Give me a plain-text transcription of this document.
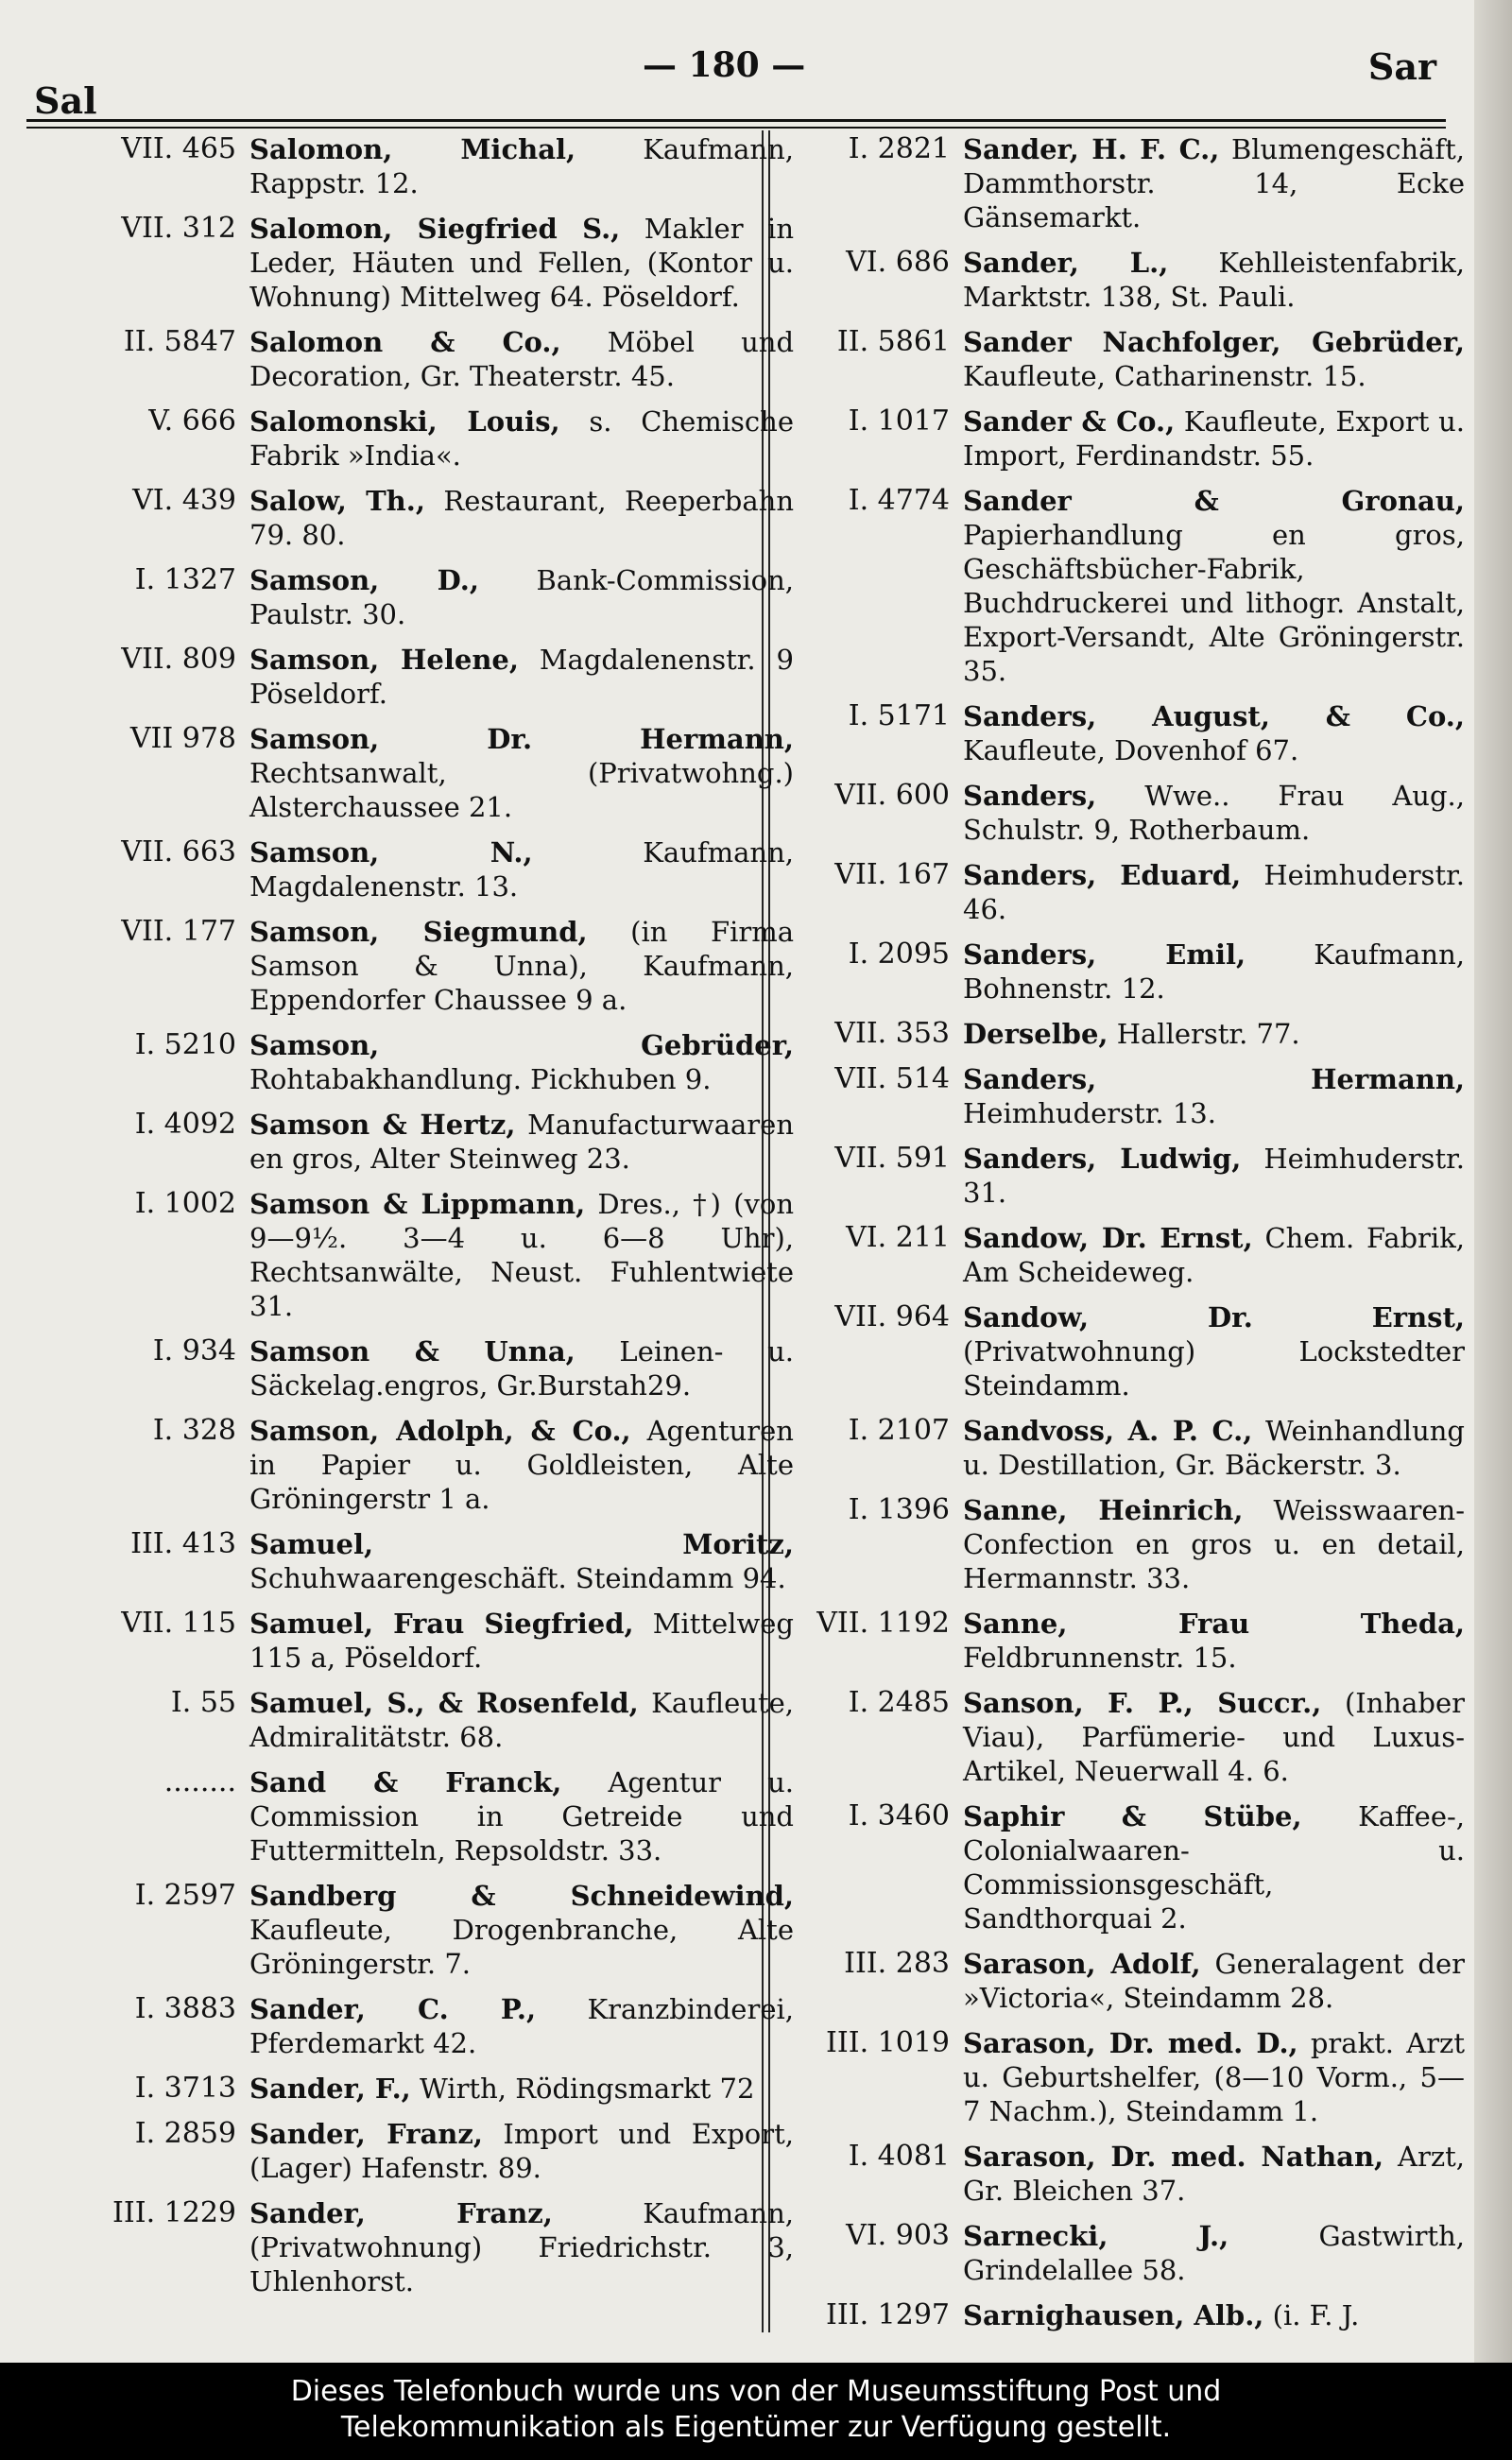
— 180 —
Sal
Sar
VII. 465 Salomon, Michal, Kaufmann, Rappstr. 12.
VII. 312 Salomon, Siegfried S., Makler in Leder, Häuten und Fellen, (Kontor u. Wohnung) Mittelweg 64. Pöseldorf.
II. 5847 Salomon & Co., Möbel und Decoration, Gr. Theaterstr. 45.
V. 666 Salomonski, Louis, s. Chemische Fabrik »India«.
VI. 439 Salow, Th., Restaurant, Reeperbahn 79. 80.
I. 1327 Samson, D., Bank-Commission, Paulstr. 30.
VII. 809 Samson, Helene, Magdalenenstr. 9 Pöseldorf.
VII 978 Samson, Dr. Hermann, Rechtsanwalt, (Privatwohng.) Alsterchaussee 21.
VII. 663 Samson, N., Kaufmann, Magdalenenstr. 13.
VII. 177 Samson, Siegmund, (in Firma Samson & Unna), Kaufmann, Eppendorfer Chaussee 9 a.
I. 5210 Samson, Gebrüder, Rohtabakhandlung. Pickhuben 9.
I. 4092 Samson & Hertz, Manufacturwaaren en gros, Alter Steinweg 23.
I. 1002 Samson & Lippmann, Dres., †) (von 9—9½. 3—4 u. 6—8 Uhr), Rechtsanwälte, Neust. Fuhlentwiete 31.
I. 934 Samson & Unna, Leinen- u. Säckelag.engros, Gr.Burstah29.
I. 328 Samson, Adolph, & Co., Agenturen in Papier u. Goldleisten, Alte Gröningerstr 1 a.
III. 413 Samuel, Moritz, Schuhwaarengeschäft. Steindamm 94.
VII. 115 Samuel, Frau Siegfried, Mittelweg 115 a, Pöseldorf.
I. 55 Samuel, S., & Rosenfeld, Kaufleute, Admiralitätstr. 68.
........ Sand & Franck, Agentur u. Commission in Getreide und Futtermitteln, Repsoldstr. 33.
I. 2597 Sandberg & Schneidewind, Kaufleute, Drogenbranche, Alte Gröningerstr. 7.
I. 3883 Sander, C. P., Kranzbinderei, Pferdemarkt 42.
I. 3713 Sander, F., Wirth, Rödingsmarkt 72
I. 2859 Sander, Franz, Import und Export, (Lager) Hafenstr. 89.
III. 1229 Sander, Franz, Kaufmann, (Privatwohnung) Friedrichstr. 3, Uhlenhorst.
I. 2821 Sander, H. F. C., Blumengeschäft, Dammthorstr. 14, Ecke Gänsemarkt.
VI. 686 Sander, L., Kehlleistenfabrik, Marktstr. 138, St. Pauli.
II. 5861 Sander Nachfolger, Gebrüder, Kaufleute, Catharinenstr. 15.
I. 1017 Sander & Co., Kaufleute, Export u. Import, Ferdinandstr. 55.
I. 4774 Sander & Gronau, Papierhandlung en gros, Geschäftsbücher-Fabrik, Buchdruckerei und lithogr. Anstalt, Export-Versandt, Alte Gröningerstr. 35.
I. 5171 Sanders, August, & Co., Kaufleute, Dovenhof 67.
VII. 600 Sanders, Wwe.. Frau Aug., Schulstr. 9, Rotherbaum.
VII. 167 Sanders, Eduard, Heimhuderstr. 46.
I. 2095 Sanders, Emil, Kaufmann, Bohnenstr. 12.
VII. 353 Derselbe, Hallerstr. 77.
VII. 514 Sanders, Hermann, Heimhuderstr. 13.
VII. 591 Sanders, Ludwig, Heimhuderstr. 31.
VI. 211 Sandow, Dr. Ernst, Chem. Fabrik, Am Scheideweg.
VII. 964 Sandow, Dr. Ernst, (Privatwohnung) Lockstedter Steindamm.
I. 2107 Sandvoss, A. P. C., Weinhandlung u. Destillation, Gr. Bäckerstr. 3.
I. 1396 Sanne, Heinrich, Weisswaaren-Confection en gros u. en detail, Hermannstr. 33.
VII. 1192 Sanne, Frau Theda, Feldbrunnenstr. 15.
I. 2485 Sanson, F. P., Succr., (Inhaber Viau), Parfümerie- und Luxus-Artikel, Neuerwall 4. 6.
I. 3460 Saphir & Stübe, Kaffee-, Colonialwaaren- u. Commissionsgeschäft, Sandthorquai 2.
III. 283 Sarason, Adolf, Generalagent der »Victoria«, Steindamm 28.
III. 1019 Sarason, Dr. med. D., prakt. Arzt u. Geburtshelfer, (8—10 Vorm., 5—7 Nachm.), Steindamm 1.
I. 4081 Sarason, Dr. med. Nathan, Arzt, Gr. Bleichen 37.
VI. 903 Sarnecki, J., Gastwirth, Grindelallee 58.
III. 1297 Sarnighausen, Alb., (i. F. J.
Dieses Telefonbuch wurde uns von der Museumsstiftung Post und
Telekommunikation als Eigentümer zur Verfügung gestellt.
